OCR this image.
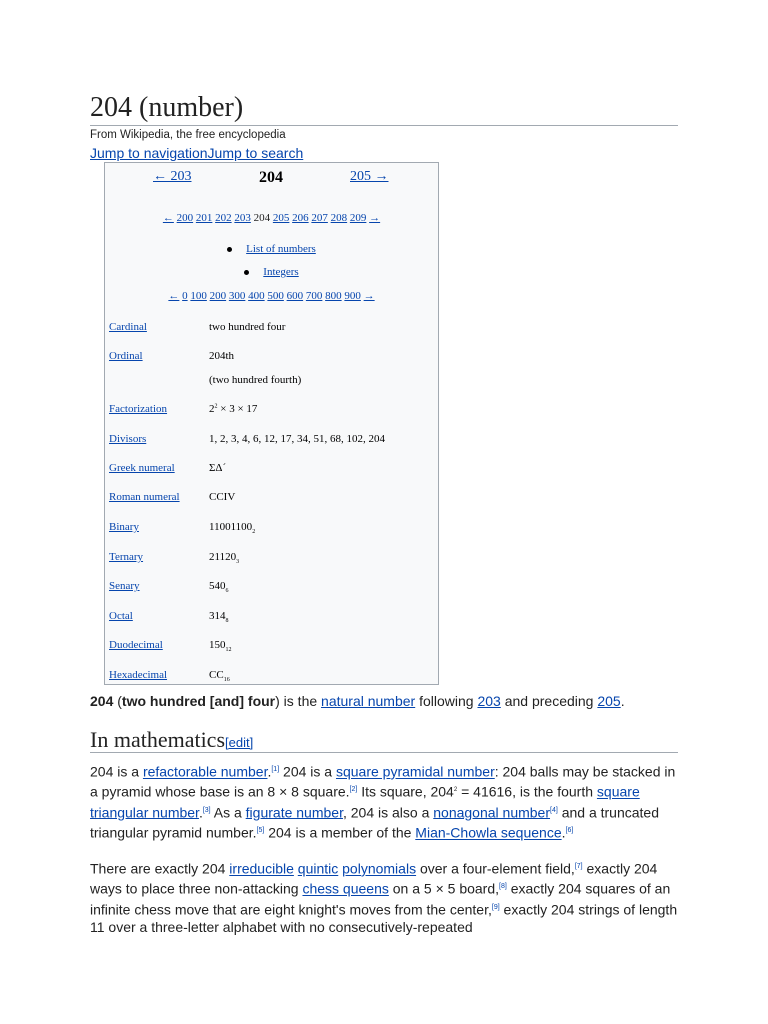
204 (number)
From Wikipedia, the free encyclopedia
Jump to navigationJump to search
← 203	204	205 →
← 200 201 202 203 204 205 206 207 208 209 →
List of numbers
Integers
← 0 100 200 300 400 500 600 700 800 900 →
Cardinal	two hundred four
Ordinal	204th
(two hundred fourth)
Factorization	$2^2 \times 3 \times 17$
Divisors	1, 2, 3, 4, 6, 12, 17, 34, 51, 68, 102, 204
Greek numeral	ΣΔ´
Roman numeral	CCIV
Binary	$11001100_2$
Ternary	$21120_3$
Senary	$540_6$
Octal	$314_8$
Duodecimal	$150_{12}$
Hexadecimal	$CC_{16}$
204 (two hundred [and] four) is the natural number following 203 and preceding 205.
In mathematics[edit]
204 is a refactorable number.[1] 204 is a square pyramidal number: 204 balls may be stacked in a pyramid whose base is an 8 × 8 square.[2] Its square, $204^2 = 41616$, is the fourth square triangular number.[3] As a figurate number, 204 is also a nonagonal number[4] and a truncated triangular pyramid number.[5] 204 is a member of the Mian-Chowla sequence.[6]
There are exactly 204 irreducible quintic polynomials over a four-element field,[7] exactly 204 ways to place three non-attacking chess queens on a 5 × 5 board,[8] exactly 204 squares of an infinite chess move that are eight knight's moves from the center,[9] exactly 204 strings of length 11 over a three-letter alphabet with no consecutively-repeated
